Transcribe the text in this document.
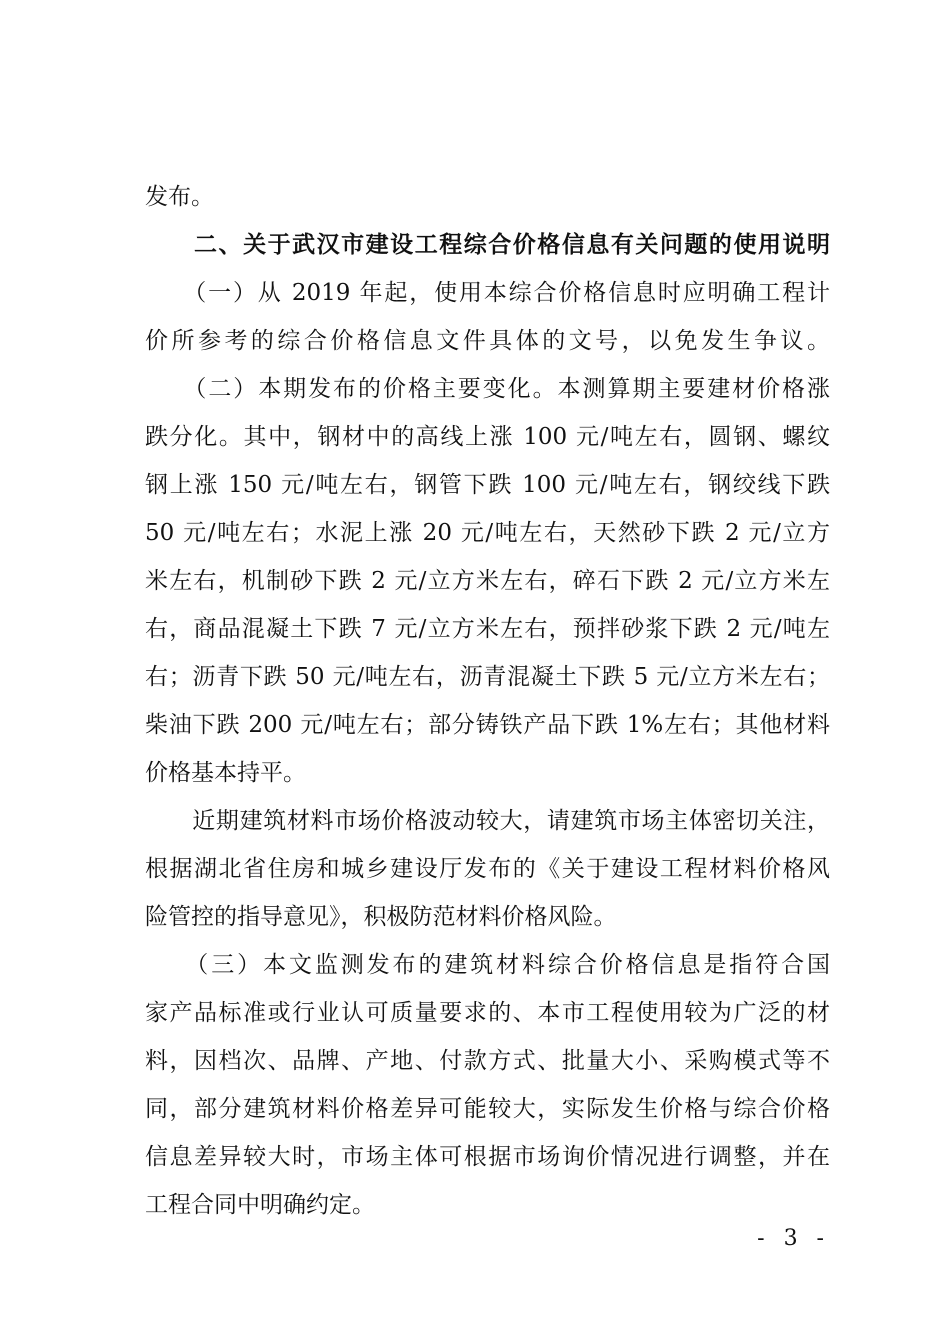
发布。
　　二、关于武汉市建设工程综合价格信息有关问题的使用说明
　　（一）从 2019 年起，使用本综合价格信息时应明确工程计
价所参考的综合价格信息文件具体的文号，以免发生争议。
　　（二）本期发布的价格主要变化。本测算期主要建材价格涨
跌分化。其中，钢材中的高线上涨 100 元/吨左右，圆钢、螺纹
钢上涨 150 元/吨左右，钢管下跌 100 元/吨左右，钢绞线下跌
50 元/吨左右；水泥上涨 20 元/吨左右，天然砂下跌 2 元/立方
米左右，机制砂下跌 2 元/立方米左右，碎石下跌 2 元/立方米左
右，商品混凝土下跌 7 元/立方米左右，预拌砂浆下跌 2 元/吨左
右；沥青下跌 50 元/吨左右，沥青混凝土下跌 5 元/立方米左右；
柴油下跌 200 元/吨左右；部分铸铁产品下跌 1%左右；其他材料
价格基本持平。
　　近期建筑材料市场价格波动较大，请建筑市场主体密切关注，
根据湖北省住房和城乡建设厅发布的《关于建设工程材料价格风
险管控的指导意见》，积极防范材料价格风险。
　　（三）本文监测发布的建筑材料综合价格信息是指符合国
家产品标准或行业认可质量要求的、本市工程使用较为广泛的材
料，因档次、品牌、产地、付款方式、批量大小、采购模式等不
同，部分建筑材料价格差异可能较大，实际发生价格与综合价格
信息差异较大时，市场主体可根据市场询价情况进行调整，并在
工程合同中明确约定。
- 3 -
